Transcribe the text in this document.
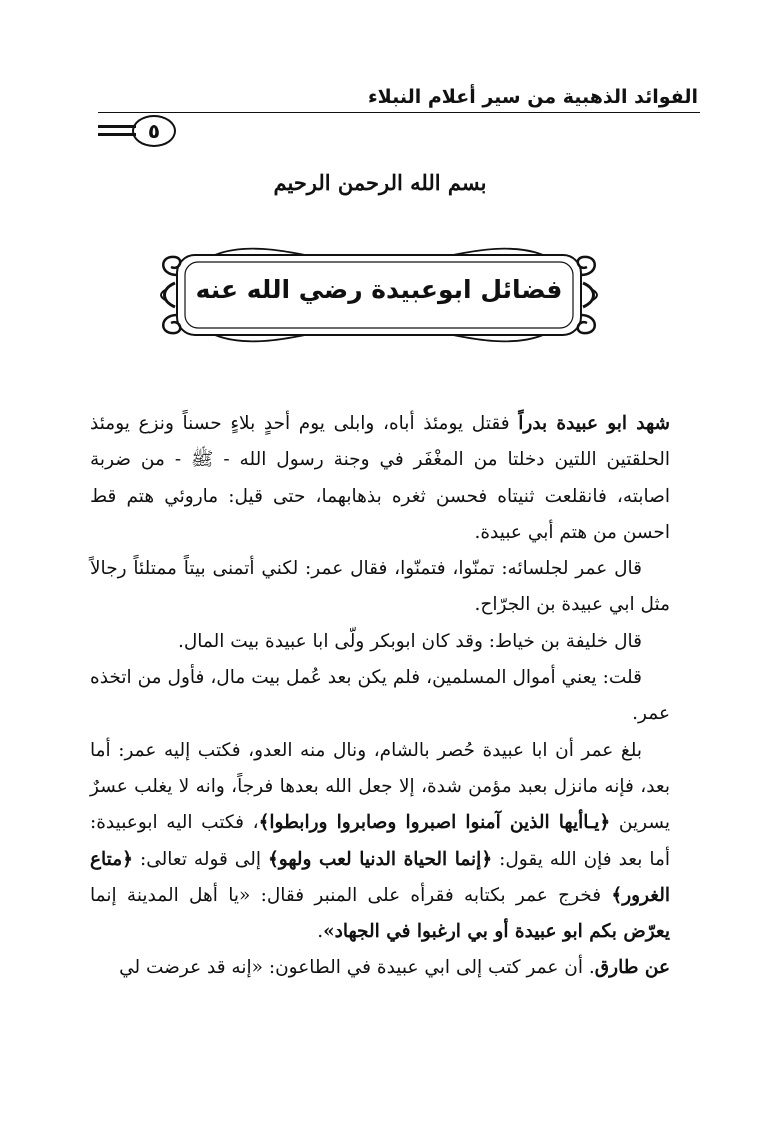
الفوائد الذهبية من سير أعلام النبلاء
٥
بسم الله الرحمن الرحيم
فضائل ابوعبيدة رضي الله عنه

شهد ابو عبيدة بدراً فقتل يومئذ أباه، وابلى يوم أحدٍ بلاءٍ حسناً ونزع يومئذ الحلقتين اللتين دخلتا من المغْفَر في وجنة رسول الله - ﷺ - من ضربة اصابته، فانقلعت ثنيتاه فحسن ثغره بذهابهما، حتى قيل: ماروئي هتم قط احسن من هتم أبي عبيدة.

قال عمر لجلسائه: تمنّوا، فتمنّوا، فقال عمر: لكني أتمنى بيتاً ممتلئاً رجالاً مثل ابي عبيدة بن الجرّاح.

قال خليفة بن خياط: وقد كان ابوبكر ولّى ابا عبيدة بيت المال.

قلت: يعني أموال المسلمين، فلم يكن بعد عُمل بيت مال، فأول من اتخذه عمر.

بلغ عمر أن ابا عبيدة حُصر بالشام، ونال منه العدو، فكتب إليه عمر: أما بعد، فإنه مانزل بعبد مؤمن شدة، إلا جعل الله بعدها فرجاً، وانه لا يغلب عسرٌ يسرين ﴿يـاأيها الذين آمنوا اصبروا وصابروا ورابطوا﴾، فكتب اليه ابوعبيدة: أما بعد فإن الله يقول: ﴿إنما الحياة الدنيا لعب ولهو﴾ إلى قوله تعالى: ﴿متاع الغرور﴾ فخرج عمر بكتابه فقرأه على المنبر فقال: «يا أهل المدينة إنما يعرّض بكم ابو عبيدة أو بي ارغبوا في الجهاد».

عن طارق. أن عمر كتب إلى ابي عبيدة في الطاعون: «إنه قد عرضت لي
